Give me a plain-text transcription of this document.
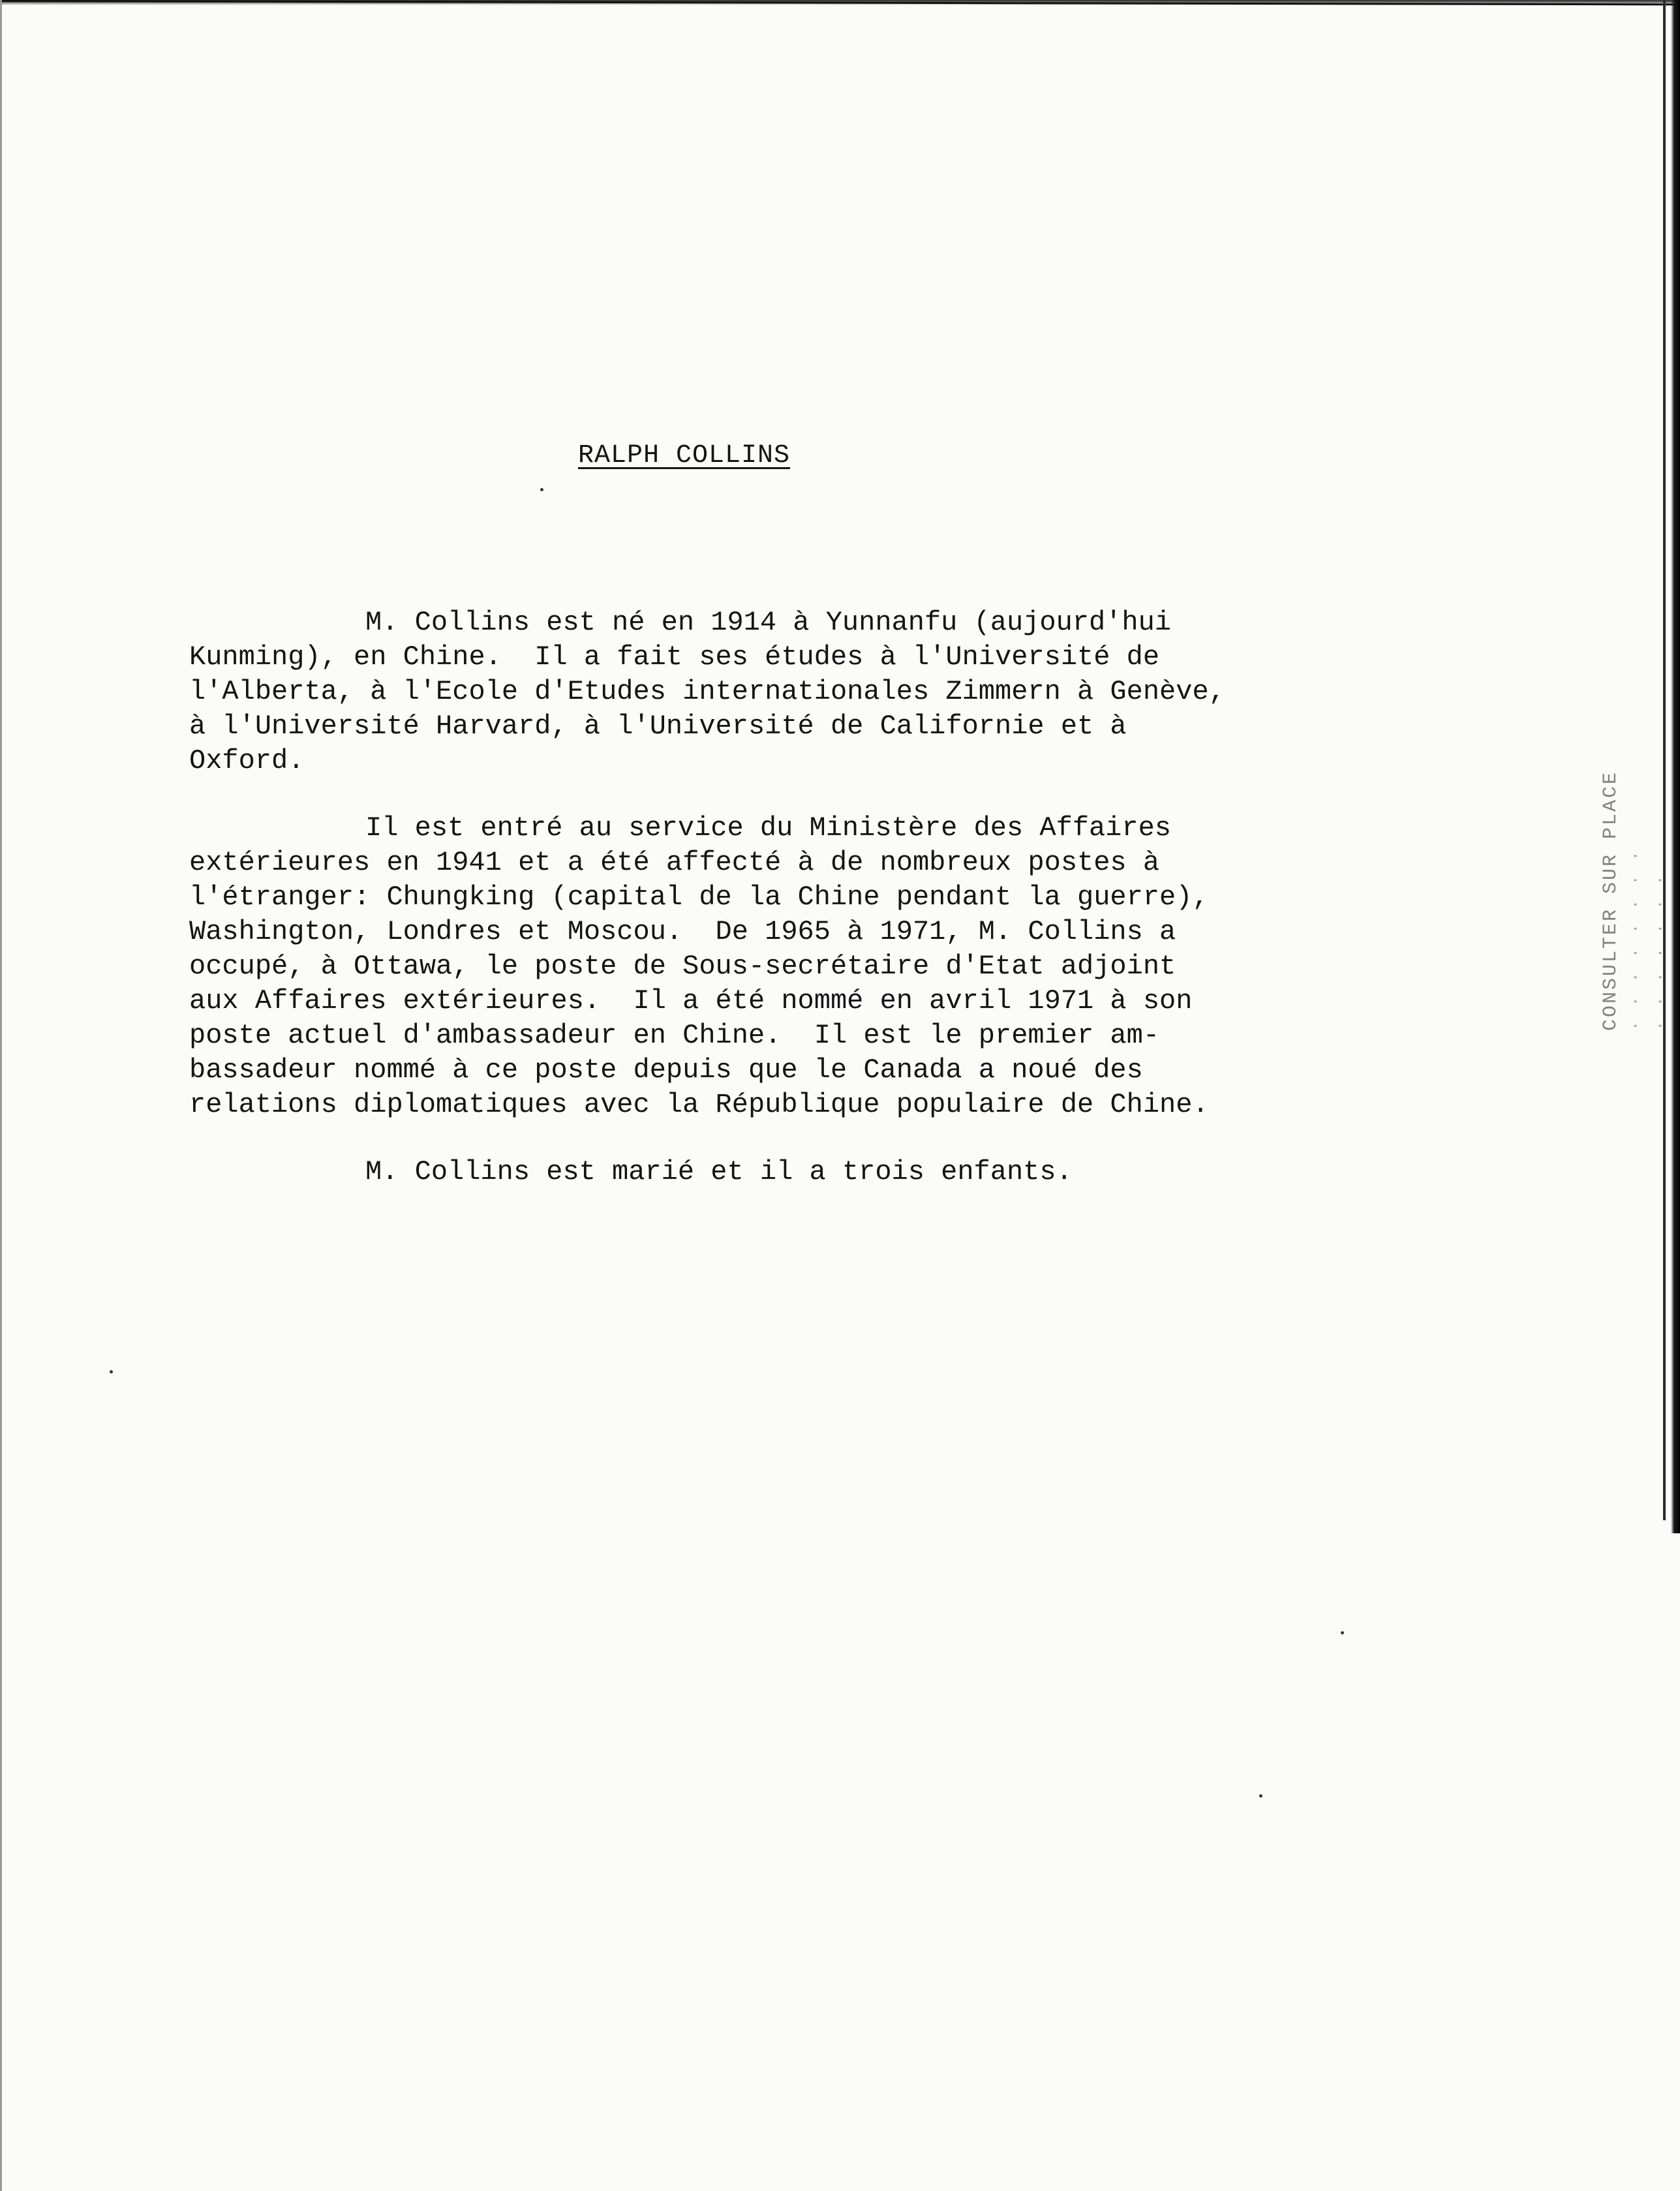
RALPH COLLINS
M. Collins est né en 1914 à Yunnanfu (aujourd'hui
Kunming), en Chine.  Il a fait ses études à l'Université de
l'Alberta, à l'Ecole d'Etudes internationales Zimmern à Genève,
à l'Université Harvard, à l'Université de Californie et à
Oxford.
Il est entré au service du Ministère des Affaires
extérieures en 1941 et a été affecté à de nombreux postes à
l'étranger: Chungking (capital de la Chine pendant la guerre),
Washington, Londres et Moscou.  De 1965 à 1971, M. Collins a
occupé, à Ottawa, le poste de Sous-secrétaire d'Etat adjoint
aux Affaires extérieures.  Il a été nommé en avril 1971 à son
poste actuel d'ambassadeur en Chine.  Il est le premier am-
bassadeur nommé à ce poste depuis que le Canada a noué des
relations diplomatiques avec la République populaire de Chine.
M. Collins est marié et il a trois enfants.
CONSULTER SUR PLACE · · · · · · · · · · · · · · ·
